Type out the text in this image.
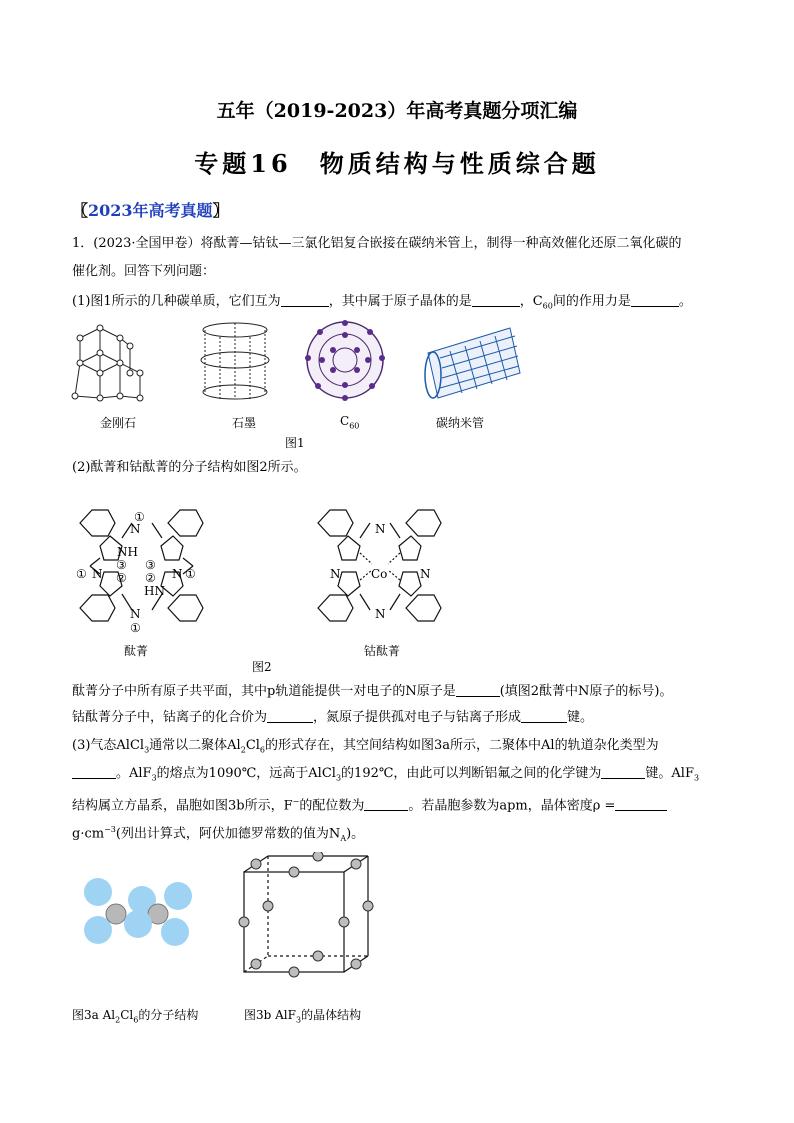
五年（2019-2023）年高考真题分项汇编
专题16　物质结构与性质综合题
〖2023年高考真题〗
1．(2023·全国甲卷）将酞菁—钴钛—三氯化铝复合嵌接在碳纳米管上，制得一种高效催化还原二氧化碳的
催化剂。回答下列问题：
(1)图1所示的几种碳单质，它们互为	，其中属于原子晶体的是	，$C_{60}$间的作用力是	。
金刚石	石墨	$C_{60}$	碳纳米管
图1
(2)酞菁和钴酞菁的分子结构如图2所示。
①
N
NH
③ ③
② ②
① N	N ①
HN
N
①
N
N	Co	N
N
酞菁	钴酞菁
图2
酞菁分子中所有原子共平面，其中p轨道能提供一对电子的N原子是	(填图2酞菁中N原子的标号)。
钴酞菁分子中，钴离子的化合价为	，氮原子提供孤对电子与钴离子形成	键。
(3)气态AlCl$_3$通常以二聚体$Al_2Cl_6$的形式存在，其空间结构如图3a所示，二聚体中Al的轨道杂化类型为
。AlF$_3$的熔点为1090℃，远高于AlCl$_3$的192℃，由此可以判断铝氟之间的化学键为	键。AlF$_3$
结构属立方晶系，晶胞如图3b所示，F−的配位数为	。若晶胞参数为apm，晶体密度ρ =
$g\cdot cm^{-3}$(列出计算式，阿伏加德罗常数的值为$N_A$)。
图3a $Al_2Cl_6$的分子结构	图3b AlF$_3$的晶体结构
